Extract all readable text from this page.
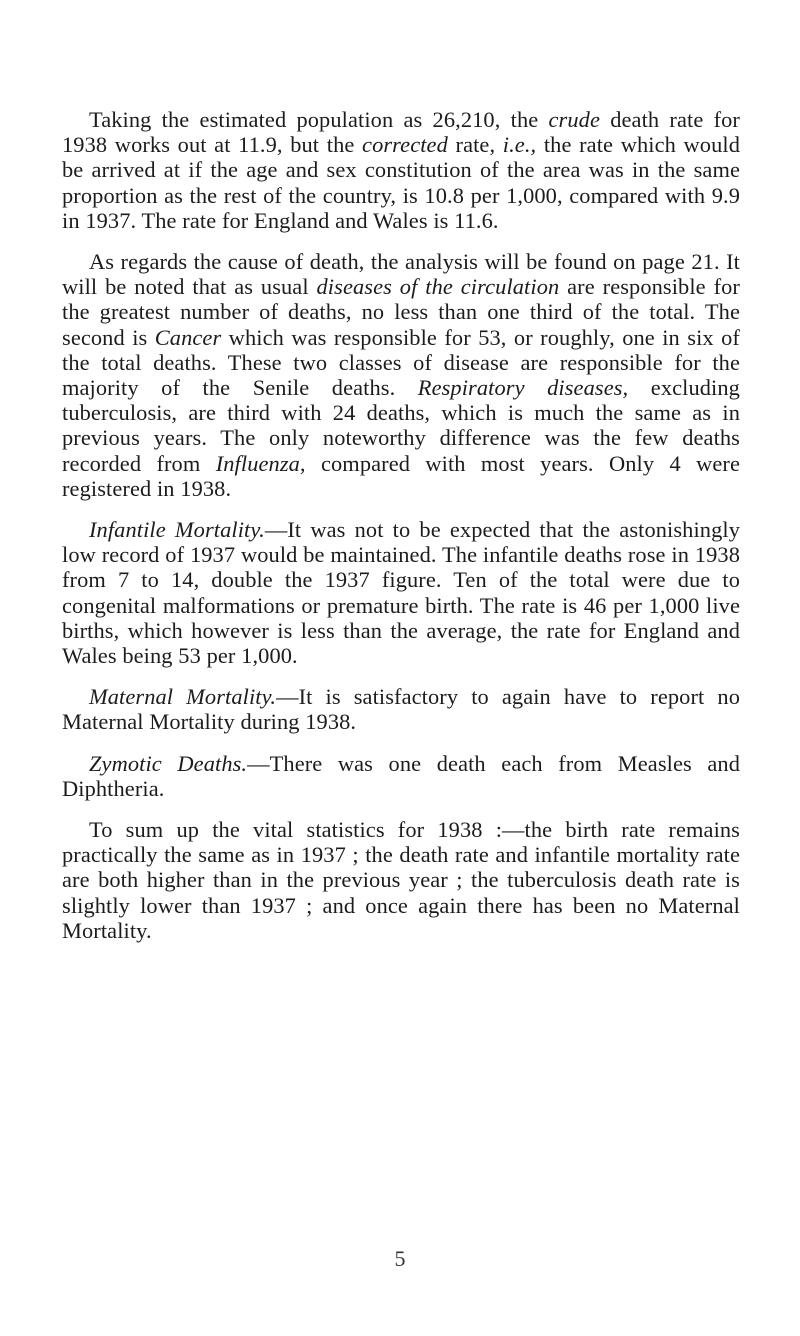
Taking the estimated population as 26,210, the crude death rate for 1938 works out at 11.9, but the corrected rate, i.e., the rate which would be arrived at if the age and sex constitution of the area was in the same proportion as the rest of the country, is 10.8 per 1,000, compared with 9.9 in 1937. The rate for England and Wales is 11.6.

As regards the cause of death, the analysis will be found on page 21. It will be noted that as usual diseases of the circulation are responsible for the greatest number of deaths, no less than one third of the total. The second is Cancer which was responsible for 53, or roughly, one in six of the total deaths. These two classes of disease are responsible for the majority of the Senile deaths. Respiratory diseases, excluding tuberculosis, are third with 24 deaths, which is much the same as in previous years. The only noteworthy difference was the few deaths recorded from Influenza, compared with most years. Only 4 were registered in 1938.

Infantile Mortality.—It was not to be expected that the astonishingly low record of 1937 would be maintained. The infantile deaths rose in 1938 from 7 to 14, double the 1937 figure. Ten of the total were due to congenital malformations or premature birth. The rate is 46 per 1,000 live births, which however is less than the average, the rate for England and Wales being 53 per 1,000.

Maternal Mortality.—It is satisfactory to again have to report no Maternal Mortality during 1938.

Zymotic Deaths.—There was one death each from Measles and Diphtheria.

To sum up the vital statistics for 1938 :—the birth rate remains practically the same as in 1937 ; the death rate and infantile mortality rate are both higher than in the previous year ; the tuberculosis death rate is slightly lower than 1937 ; and once again there has been no Maternal Mortality.

5
